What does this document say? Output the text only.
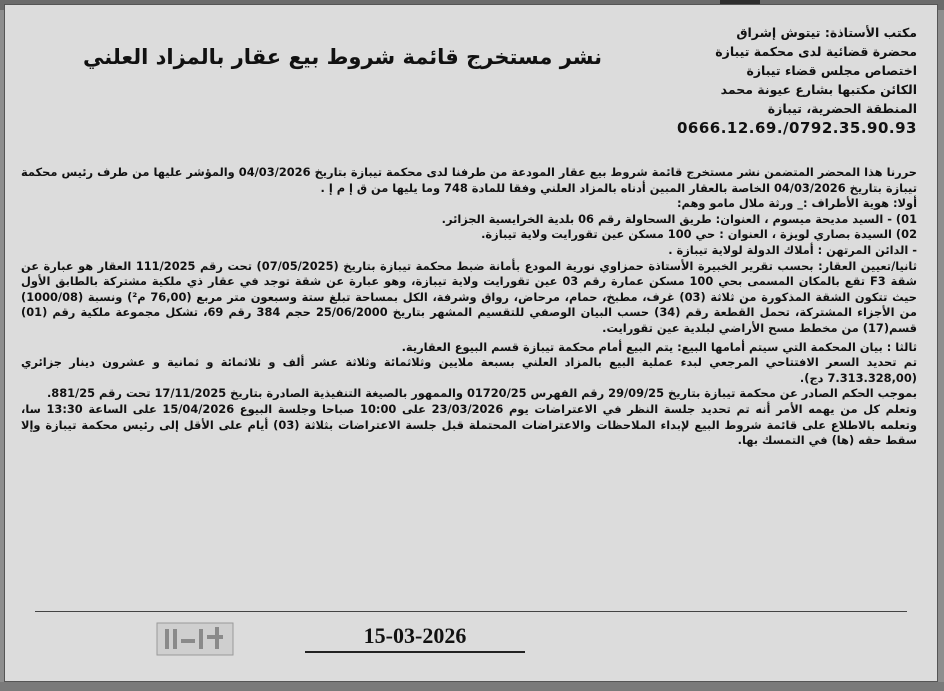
مكتب الأستاذة: تيتوش إشراق
محضرة قضائية لدى محكمة تيبازة
اختصاص مجلس قضاء تيبازة
الكائن مكتبها بشارع عيونة محمد
المنطقة الحضرية، تيبازة
0666.12.69./0792.35.90.93
نشر مستخرج قائمة شروط بيع عقار بالمزاد العلني

حررنا هذا المحضر المتضمن نشر مستخرج قائمة شروط بيع عقار المودعة من طرفنا لدى محكمة تيبازة بتاريخ 04/03/2026 والمؤشر عليها من طرف رئيس محكمة تيبازة بتاريخ 04/03/2026 الخاصة بالعقار المبين أدناه بالمزاد العلني وفقا للمادة 748 وما يليها من ق إ م إ .

أولا: هوية الأطراف :_ ورثة ملال مامو وهم:

01) - السيد مديحة ميسوم ، العنوان: طريق السحاولة رقم 06 بلدية الخرايسية الجزائر.

02) السيدة بصاري لويزة ، العنوان : حي 100 مسكن عين تقورايت ولاية تيبازة.

- الدائن المرتهن : أملاك الدولة لولاية تيبازة .

ثانيا/تعيين العقار: بحسب تقرير الخبيرة الأستاذة حمزاوي نورية المودع بأمانة ضبط محكمة تيبازة بتاريخ (07/05/2025) تحت رقم 111/2025 العقار هو عبارة عن شقة F3 تقع بالمكان المسمى بحي 100 مسكن عمارة رقم 03 عين تقورايت ولاية تيبازة، وهو عبارة عن شقة توجد في عقار ذي ملكية مشتركة بالطابق الأول حيث تتكون الشقة المذكورة من ثلاثة (03) غرف، مطبخ، حمام، مرحاض، رواق وشرفة، الكل بمساحة تبلغ ستة وسبعون متر مربع (76,00 م²) ونسبة (1000/08) من الأجزاء المشتركة، تحمل القطعة رقم (34) حسب البيان الوصفي للتقسيم المشهر بتاريخ 25/06/2000 حجم 384 رقم 69، تشكل مجموعة ملكية رقم (01) قسم(17) من مخطط مسح الأراضي لبلدية عين تقورايت.

ثالثا : بيان المحكمة التي سيتم أمامها البيع: يتم البيع أمام محكمة تيبازة قسم البيوع العقارية.

تم تحديد السعر الافتتاحي المرجعي لبدء عملية البيع بالمزاد العلني بسبعة ملايين وثلاثمائة وثلاثة عشر ألف و ثلاثمائة و ثمانية و عشرون دينار جزائري (7.313.328,00 دج).

بموجب الحكم الصادر عن محكمة تيبازة بتاريخ 29/09/25 رقم الفهرس 01720/25 والممهور بالصيغة التنفيذية الصادرة بتاريخ 17/11/2025 تحت رقم 881/25.

وتعلم كل من يهمه الأمر أنه تم تحديد جلسة النظر في الاعتراضات يوم 23/03/2026 على 10:00 صباحا وجلسة البيوع 15/04/2026 على الساعة 13:30 سا، وتعلمه بالاطلاع على قائمة شروط البيع لإبداء الملاحظات والاعتراضات المحتملة قبل جلسة الاعتراضات بثلاثة (03) أيام على الأقل إلى رئيس محكمة تيبازة وإلا سقط حقه (ها) في التمسك بها.

15-03-2026
